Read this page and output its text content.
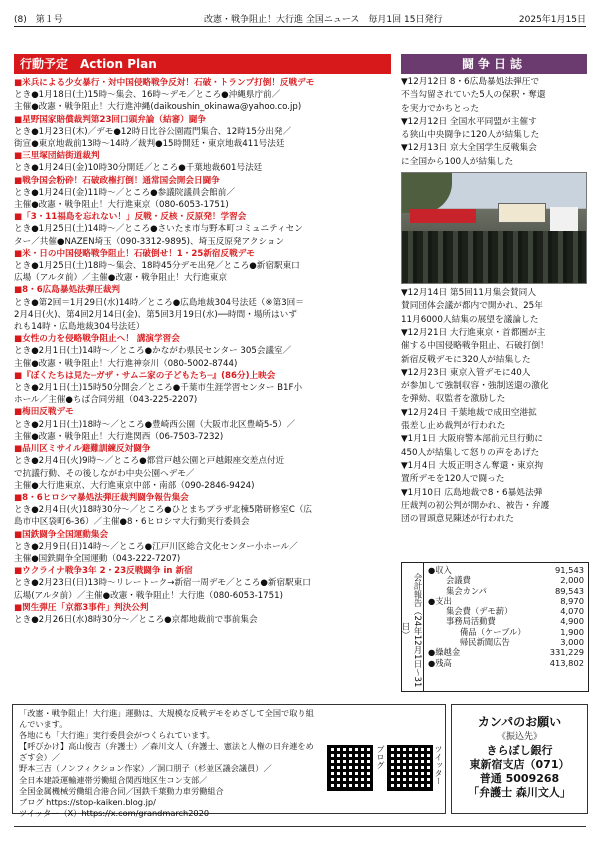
(8)　第１号	改憲・戦争阻止！大行進 全国ニュース　毎月1回 15日発行	2025年1月15日
行動予定　Action Plan
■米兵による少女暴行・対中国侵略戦争反対！石破・トランプ打倒！反戦デモ
とき●1月18日(土)15時～集会、16時～デモ／ところ●沖縄県庁前／
主催●改憲・戦争阻止！大行進沖縄(daikoushin_okinawa@yahoo.co.jp)
■星野国家賠償裁判第23回口頭弁論（結審）闘争
とき●1月23日(木)／デモ●12時日比谷公園霞門集合、12時15分出発／
街宣●東京地裁前13時～14時／裁判●15時開廷・東京地裁411号法廷
■三里塚団結街道裁判
とき●1月24日(金)10時30分開廷／ところ●千葉地裁601号法廷
■戦争国会粉砕！石破政権打倒！通常国会開会日闘争
とき●1月24日(金)11時～／ところ●参議院議員会館前／
主催●改憲・戦争阻止！大行進東京（080-6053-1751)
■「3・11福島を忘れない！」反戦・反核・反原発！学習会
とき●1月25日(土)14時～／ところ●さいたま市与野本町コミュニティセン
ター／共催●NAZEN埼玉（090-3312-9895)、埼玉反原発アクション
■米・日の中国侵略戦争阻止！石破倒せ！1・25新宿反戦デモ
とき●1月25日(土)18時～集会、18時45分デモ出発／ところ●新宿駅東口
広場（アルタ前）／主催●改憲・戦争阻止！大行進東京
■8・6広島暴処法弾圧裁判
とき●第2回＝1月29日(水)14時／ところ●広島地裁304号法廷（※第3回＝
2月4日(火)、第4回2月14日(金)、第5回3月19日(水)──時間・場所はいず
れも14時・広島地裁304号法廷）
■女性の力を侵略戦争阻止へ！ 講演学習会
とき●2月1日(土)14時～／ところ●かながわ県民センター 305会議室／
主催●改憲・戦争阻止！大行進神奈川（080-5002-8744)
■『ぼくたちは見た─ガザ・サムニ家の子どもたち─』(86分)上映会
とき●2月1日(土)15時50分開会／ところ●千葉市生涯学習センター B1F小
ホール／主催●ちば合同労組（043-225-2207)
■梅田反戦デモ
とき●2月1日(土)18時～／ところ●豊崎西公園（大阪市北区豊崎5-5）／
主催●改憲・戦争阻止！大行進関西（06-7503-7232)
■品川区ミサイル避難訓練反対闘争
とき●2月4日(火)9時～／ところ●都営戸越公園と戸越銀座交差点付近
で抗議行動、その後しながわ中央公園へデモ／
主催●大行進東京、大行進東京中部・南部（090-2846-9424)
■8・6ヒロシマ暴処法弾圧裁判闘争報告集会
とき●2月4日(火)18時30分～／ところ●ひとまちプラザ北棟5階研修室C（広
島市中区袋町6-36）／主催●8・6ヒロシマ大行動実行委員会
■国鉄闘争全国運動集会
とき●2月9日(日)14時～／ところ●江戸川区総合文化センター小ホール／
主催●国鉄闘争全国運動（043-222-7207)
■ウクライナ戦争3年 2・23反戦闘争 in 新宿
とき●2月23日(日)13時～リレートーク→新宿一周デモ／ところ●新宿駅東口
広場(アルタ前）／主催●改憲・戦争阻止！大行進（080-6053-1751)
■関生弾圧「京都3事件」判決公判
とき●2月26日(水)8時30分～／ところ●京都地裁前で事前集会
闘争日誌

▼12月12日 8・6広島暴処法弾圧で
不当勾留されていた5人の保釈・奪還
を実力でかちとった

▼12月12日 全国水平同盟が主催す
る狭山中央闘争に120人が結集した

▼12月13日 京大全国学生反戦集会
に全国から100人が結集した

▼12月14日 第5回11月集会賛同人
賛同団体会議が都内で開かれ、25年
11月6000人結集の展望を議論した

▼12月21日 大行進東京・首都圏が主
催する中国侵略戦争阻止、石破打倒！
新宿反戦デモに320人が結集した

▼12月23日 東京入管デモに40人
が参加して強制収容・強制送還の激化
を弾劾、収監者を激励した

▼12月24日 千葉地裁で成田空港拡
張差し止め裁判が行われた

▼1月1日 大阪府警本部前元旦行動に
450人が結集して怒りの声をあげた

▼1月4日 大坂正明さん奪還・東京拘
置所デモを120人で闘った

▼1月10日 広島地裁で8・6暴処法弾
圧裁判の初公判が開かれ、被告・弁護
団の冒頭意見陳述が行われた

会計報告（24年12月1日～31日）
●収入	91,543
会議費	2,000
集会カンパ	89,543
●支出	8,970
集会費（デモ薪）	4,070
事務局活動費	4,900
備品（ケーブル）	1,900
帰民新聞広告	3,000
●繰越金	331,229
●残高	413,802
「改憲・戦争阻止！大行進」運動は、大規模な反戦デモをめざして全国で取り組んでいます。
各地にも「大行進」実行委員会がつくられています。
【呼びかけ】高山俊吉（弁護士）／森川文人（弁護士、憲法と人権の日弁連をめざす会）／
野本三吉（ノンフィクション作家）／洞口朋子（杉並区議会議員）／
全日本建設運輸連帯労働組合関西地区生コン支部／
全国金属機械労働組合港合同／国鉄千葉動力車労働組合
ブログ https://stop-kaiken.blog.jp/
ツイッター（X）https://x.com/grandmarch2020
ブログ	ツイッター
カンパのお願い
《振込先》
きらぼし銀行
東新宿支店（071）
普通 5009268
「弁護士 森川文人」
